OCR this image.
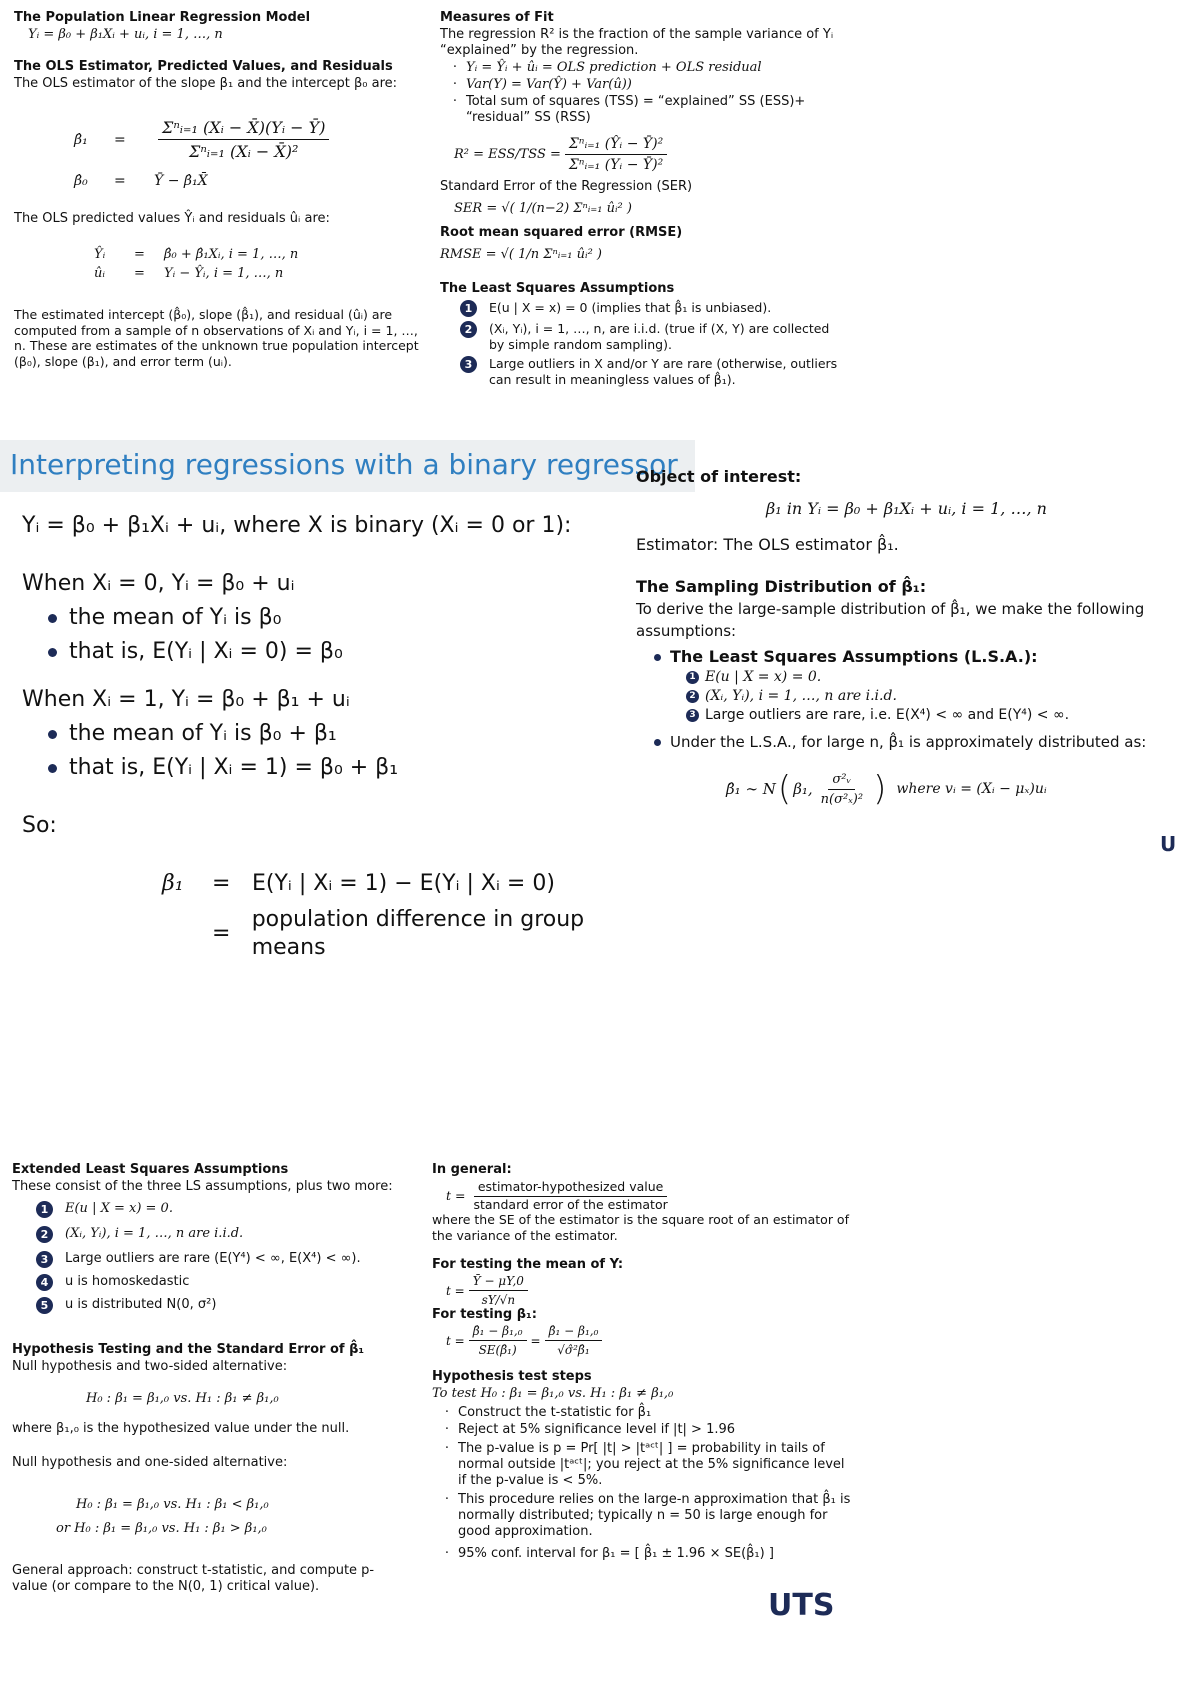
The Population Linear Regression Model
Yᵢ = β₀ + β₁Xᵢ + uᵢ, i = 1, …, n
The OLS Estimator, Predicted Values, and Residuals
The OLS estimator of the slope β₁ and the intercept β₀ are:
β̂₁	=	$\frac{\text{Σⁿᵢ₌₁ (Xᵢ − X̄)(Yᵢ − Ȳ)}}{\text{Σⁿᵢ₌₁ (Xᵢ − X̄)²}}$
β̂₀	=	Ȳ − β̂₁X̄
The OLS predicted values Ŷᵢ and residuals ûᵢ are:
Ŷᵢ	=	β̂₀ + β̂₁Xᵢ, i = 1, …, n
ûᵢ	=	Yᵢ − Ŷᵢ, i = 1, …, n
The estimated intercept (β̂₀), slope (β̂₁), and residual (ûᵢ) are computed from a sample of n observations of Xᵢ and Yᵢ, i = 1, …, n. These are estimates of the unknown true population intercept (β₀), slope (β₁), and error term (uᵢ).
Measures of Fit
The regression R² is the fraction of the sample variance of Yᵢ “explained” by the regression.
· Yᵢ = Ŷᵢ + ûᵢ = OLS prediction + OLS residual
· Var(Y) = Var(Ŷ) + Var(û))
· Total sum of squares (TSS) = “explained” SS (ESS)+ “residual” SS (RSS)
$R^2 = ESS/TSS = \frac{\text{Σⁿᵢ₌₁ (Ŷᵢ − Ȳ)²}}{\text{Σⁿᵢ₌₁ (Yᵢ − Ȳ)²}}$
Standard Error of the Regression (SER)
SER = √( 1/(n−2) Σⁿᵢ₌₁ ûᵢ² )
Root mean squared error (RMSE)
RMSE = √( 1/n Σⁿᵢ₌₁ ûᵢ² )
The Least Squares Assumptions
1	E(u | X = x) = 0 (implies that β̂₁ is unbiased).
2	(Xᵢ, Yᵢ), i = 1, …, n, are i.i.d. (true if (X, Y) are collected by simple random sampling).
3	Large outliers in X and/or Y are rare (otherwise, outliers can result in meaningless values of β̂₁).
Interpreting regressions with a binary regressor
Yᵢ = β₀ + β₁Xᵢ + uᵢ, where X is binary (Xᵢ = 0 or 1):
When Xᵢ = 0, Yᵢ = β₀ + uᵢ
the mean of Yᵢ is β₀
that is, E(Yᵢ | Xᵢ = 0) = β₀
When Xᵢ = 1, Yᵢ = β₀ + β₁ + uᵢ
the mean of Yᵢ is β₀ + β₁
that is, E(Yᵢ | Xᵢ = 1) = β₀ + β₁
So:
β₁	= E(Yᵢ | Xᵢ = 1) − E(Yᵢ | Xᵢ = 0)
=
population difference in group means
Object of interest:
β₁ in Yᵢ = β₀ + β₁Xᵢ + uᵢ, i = 1, …, n
Estimator: The OLS estimator β̂₁.
The Sampling Distribution of β̂₁:
To derive the large-sample distribution of β̂₁, we make the following assumptions:
The Least Squares Assumptions (L.S.A.):
1 E(u | X = x) = 0.
2 (Xᵢ, Yᵢ), i = 1, …, n are i.i.d.
3 Large outliers are rare, i.e. E(X⁴) < ∞ and E(Y⁴) < ∞.
Under the L.S.A., for large n, β̂₁ is approximately distributed as:
β̂₁ ∼ N ( β₁, $\frac{\text{σ²ᵥ}}{\text{n(σ²ₓ)²}}$ ) where vᵢ = (Xᵢ − μₓ)uᵢ
U
Extended Least Squares Assumptions
These consist of the three LS assumptions, plus two more:
1	E(u | X = x) = 0.
2	(Xᵢ, Yᵢ), i = 1, …, n are i.i.d.
3	Large outliers are rare (E(Y⁴) < ∞, E(X⁴) < ∞).
4	u is homoskedastic
5	u is distributed N(0, σ²)
Hypothesis Testing and the Standard Error of β̂₁
Null hypothesis and two-sided alternative:
H₀ : β₁ = β₁,₀ vs. H₁ : β₁ ≠ β₁,₀
where β₁,₀ is the hypothesized value under the null.
Null hypothesis and one-sided alternative:
H₀ : β₁ = β₁,₀ vs. H₁ : β₁ < β₁,₀
or H₀ : β₁ = β₁,₀ vs. H₁ : β₁ > β₁,₀
General approach: construct t-statistic, and compute p-value (or compare to the N(0, 1) critical value).
In general:
$t = \frac{\text{estimator-hypothesized value}}{\text{standard error of the estimator}}$
where the SE of the estimator is the square root of an estimator of the variance of the estimator.
For testing the mean of Y:
$t = \frac{Ȳ - \mu Y,0}{sY/√n}$
For testing β₁:
$t = \frac{\text{β̂₁ − β₁,₀}}{\text{SE(β̂₁)}} = \frac{\text{β̂₁ − β₁,₀}}{\text{√σ̂²β̂₁}}$
Hypothesis test steps
To test H₀ : β₁ = β₁,₀ vs. H₁ : β₁ ≠ β₁,₀
· Construct the t-statistic for β̂₁
· Reject at 5% significance level if |t| > 1.96
· The p-value is p = Pr[ |t| > |tᵃᶜᵗ| ] = probability in tails of normal outside |tᵃᶜᵗ|; you reject at the 5% significance level if the p-value is < 5%.
· This procedure relies on the large-n approximation that β̂₁ is normally distributed; typically n = 50 is large enough for good approximation.
· 95% conf. interval for β₁ = [ β̂₁ ± 1.96 × SE(β̂₁) ]
UTS
